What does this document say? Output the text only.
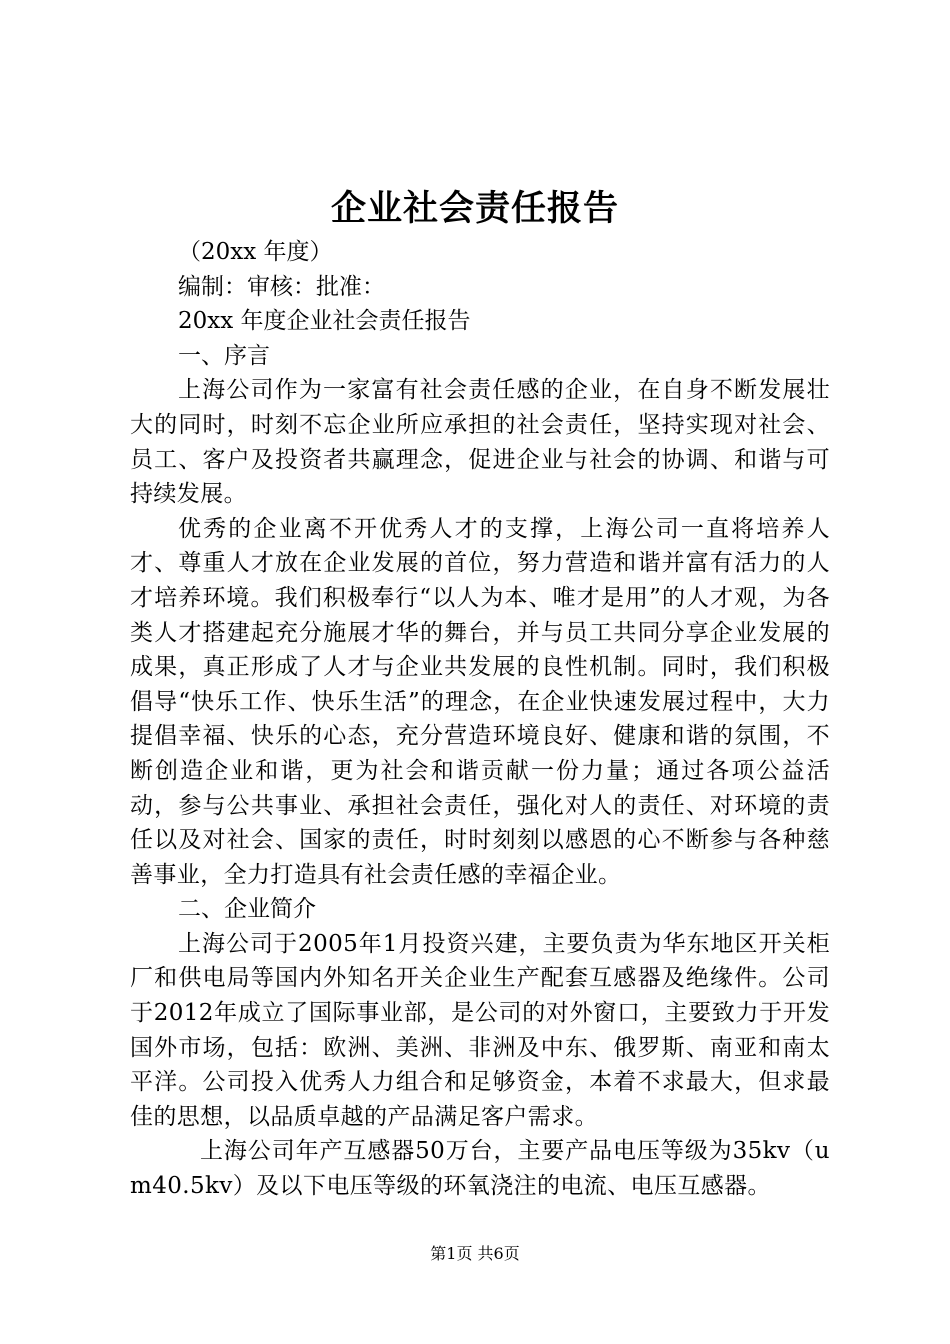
企业社会责任报告

（20xx 年度）

编制：审核：批准：

20xx 年度企业社会责任报告

一、序言

上海公司作为一家富有社会责任感的企业，在自身不断发展壮大的同时，时刻不忘企业所应承担的社会责任，坚持实现对社会、员工、客户及投资者共赢理念，促进企业与社会的协调、和谐与可持续发展。

优秀的企业离不开优秀人才的支撑，上海公司一直将培养人才、尊重人才放在企业发展的首位，努力营造和谐并富有活力的人才培养环境。我们积极奉行“以人为本、唯才是用”的人才观，为各类人才搭建起充分施展才华的舞台，并与员工共同分享企业发展的成果，真正形成了人才与企业共发展的良性机制。同时，我们积极倡导“快乐工作、快乐生活”的理念，在企业快速发展过程中，大力提倡幸福、快乐的心态，充分营造环境良好、健康和谐的氛围，不断创造企业和谐，更为社会和谐贡献一份力量；通过各项公益活动，参与公共事业、承担社会责任，强化对人的责任、对环境的责任以及对社会、国家的责任，时时刻刻以感恩的心不断参与各种慈善事业，全力打造具有社会责任感的幸福企业。

二、企业简介

上海公司于2005年1月投资兴建，主要负责为华东地区开关柜厂和供电局等国内外知名开关企业生产配套互感器及绝缘件。公司于2012年成立了国际事业部，是公司的对外窗口，主要致力于开发国外市场，包括：欧洲、美洲、非洲及中东、俄罗斯、南亚和南太平洋。公司投入优秀人力组合和足够资金，本着不求最大，但求最佳的思想，以品质卓越的产品满足客户需求。

上海公司年产互感器50万台，主要产品电压等级为35kv（um40.5kv）及以下电压等级的环氧浇注的电流、电压互感器。

第1页 共6页
